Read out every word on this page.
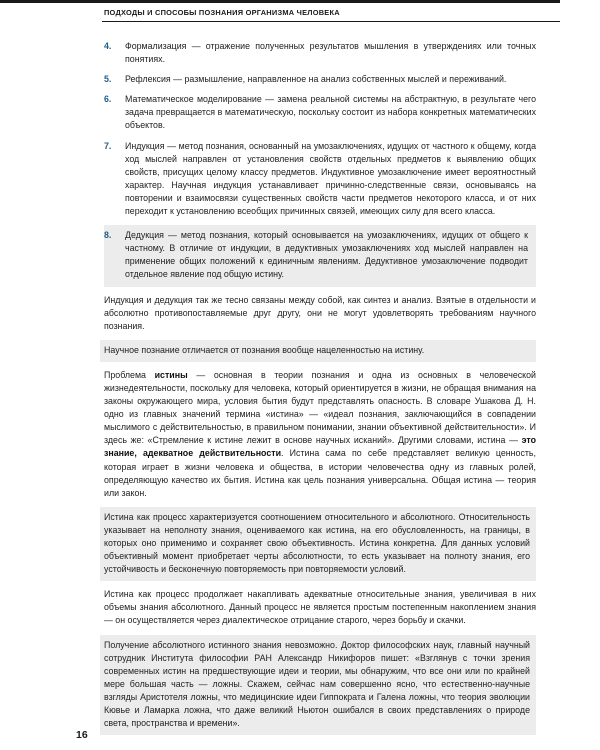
ПОДХОДЫ И СПОСОБЫ ПОЗНАНИЯ ОРГАНИЗМА ЧЕЛОВЕКА
4. Формализация — отражение полученных результатов мышления в утверждениях или точных понятиях.
5. Рефлексия — размышление, направленное на анализ собственных мыслей и переживаний.
6. Математическое моделирование — замена реальной системы на абстрактную, в результате чего задача превращается в математическую, поскольку состоит из набора конкретных математических объектов.
7. Индукция — метод познания, основанный на умозаключениях, идущих от частного к общему, когда ход мыслей направлен от установления свойств отдельных предметов к выявлению общих свойств, присущих целому классу предметов. Индуктивное умозаключение имеет вероятностный характер. Научная индукция устанавливает причинно-следственные связи, основываясь на повторении и взаимосвязи существенных свойств части предметов некоторого класса, и от них переходит к установлению всеобщих причинных связей, имеющих силу для всего класса.
8. Дедукция — метод познания, который основывается на умозаключениях, идущих от общего к частному. В отличие от индукции, в дедуктивных умозаключениях ход мыслей направлен на применение общих положений к единичным явлениям. Дедуктивное умозаключение подводит отдельное явление под общую истину.

Индукция и дедукция так же тесно связаны между собой, как синтез и анализ. Взятые в отдельности и абсолютно противопоставляемые друг другу, они не могут удовлетворять требованиям научного познания.

Научное познание отличается от познания вообще нацеленностью на истину.

Проблема истины — основная в теории познания и одна из основных в человеческой жизнедеятельности, поскольку для человека, который ориентируется в жизни, не обращая внимания на законы окружающего мира, условия бытия будут представлять опасность. В словаре Ушакова Д. Н. одно из главных значений термина «истина» — «идеал познания, заключающийся в совпадении мыслимого с действительностью, в правильном понимании, знании объективной действительности». И здесь же: «Стремление к истине лежит в основе научных исканий». Другими словами, истина — это знание, адекватное действительности. Истина сама по себе представляет великую ценность, которая играет в жизни человека и общества, в истории человечества одну из главных ролей, определяющую качество их бытия. Истина как цель познания универсальна. Общая истина — теория или закон.

Истина как процесс характеризуется соотношением относительного и абсолютного. Относительность указывает на неполноту знания, оцениваемого как истина, на его обусловленность, на границы, в которых оно применимо и сохраняет свою объективность. Истина конкретна. Для данных условий объективный момент приобретает черты абсолютности, то есть указывает на полноту знания, его устойчивость и бесконечную повторяемость при повторяемости условий.

Истина как процесс продолжает накапливать адекватные относительные знания, увеличивая в них объемы знания абсолютного. Данный процесс не является простым постепенным накоплением знания — он осуществляется через диалектическое отрицание старого, через борьбу и скачки.

Получение абсолютного истинного знания невозможно. Доктор философских наук, главный научный сотрудник Института философии РАН Александр Никифоров пишет: «Взглянув с точки зрения современных истин на предшествующие идеи и теории, мы обнаружим, что все они или по крайней мере большая часть — ложны. Скажем, сейчас нам совершенно ясно, что естественно-научные взгляды Аристотеля ложны, что медицинские идеи Гиппократа и Галена ложны, что теория эволюции Кювье и Ламарка ложна, что даже великий Ньютон ошибался в своих представлениях о природе света, пространства и времени».

16
